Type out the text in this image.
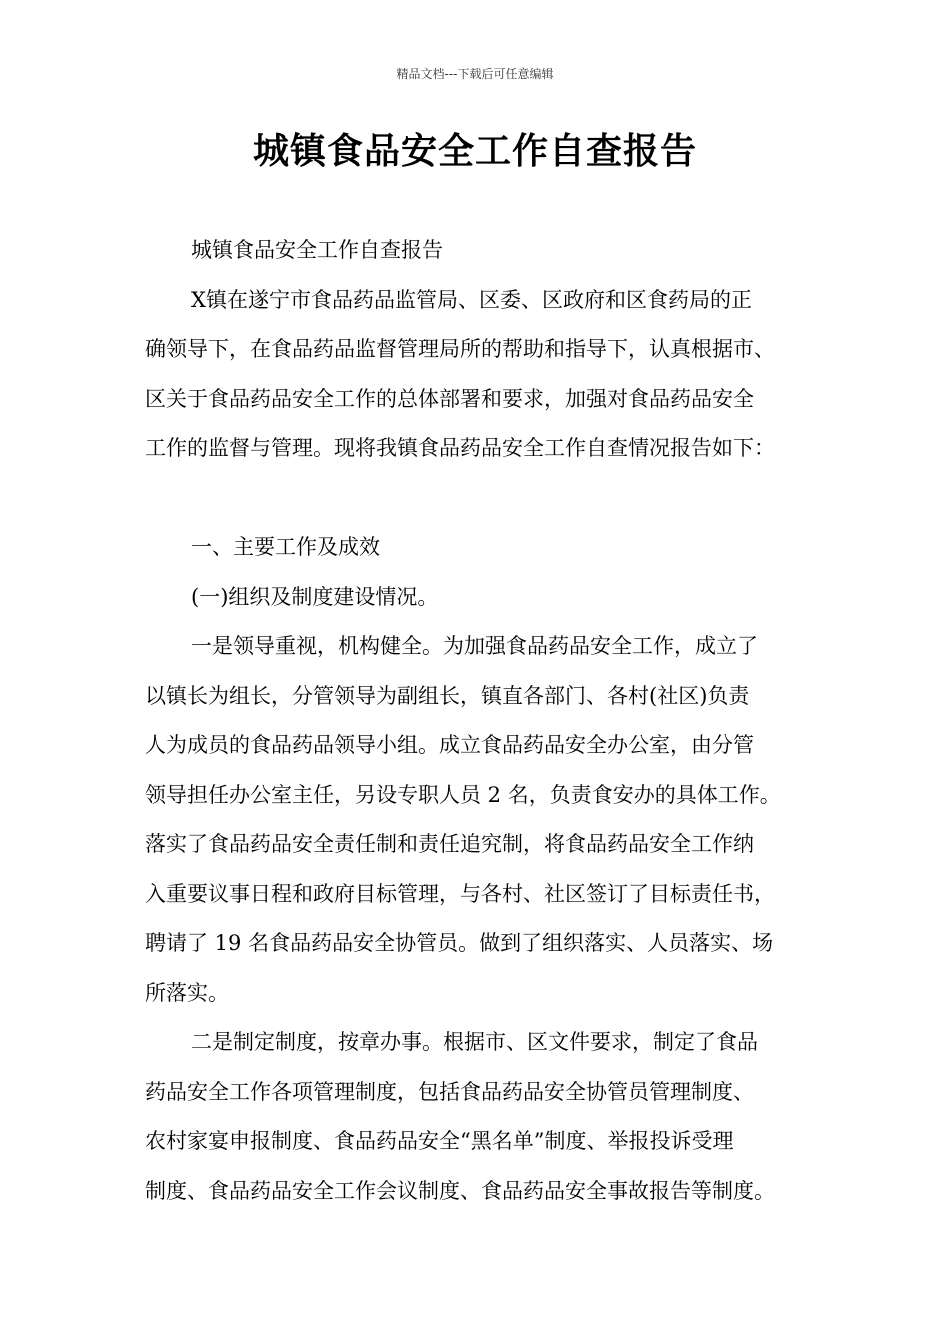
精品文档---下载后可任意编辑
城镇食品安全工作自查报告
城镇食品安全工作自查报告
X镇在遂宁市食品药品监管局、区委、区政府和区食药局的正
确领导下，在食品药品监督管理局所的帮助和指导下，认真根据市、
区关于食品药品安全工作的总体部署和要求，加强对食品药品安全
工作的监督与管理。现将我镇食品药品安全工作自查情况报告如下：
一、主要工作及成效
(一)组织及制度建设情况。
一是领导重视，机构健全。为加强食品药品安全工作，成立了
以镇长为组长，分管领导为副组长，镇直各部门、各村(社区)负责
人为成员的食品药品领导小组。成立食品药品安全办公室，由分管
领导担任办公室主任，另设专职人员 2 名，负责食安办的具体工作。
落实了食品药品安全责任制和责任追究制，将食品药品安全工作纳
入重要议事日程和政府目标管理，与各村、社区签订了目标责任书，
聘请了 19 名食品药品安全协管员。做到了组织落实、人员落实、场
所落实。
二是制定制度，按章办事。根据市、区文件要求，制定了食品
药品安全工作各项管理制度，包括食品药品安全协管员管理制度、
农村家宴申报制度、食品药品安全“黑名单”制度、举报投诉受理
制度、食品药品安全工作会议制度、食品药品安全事故报告等制度。
